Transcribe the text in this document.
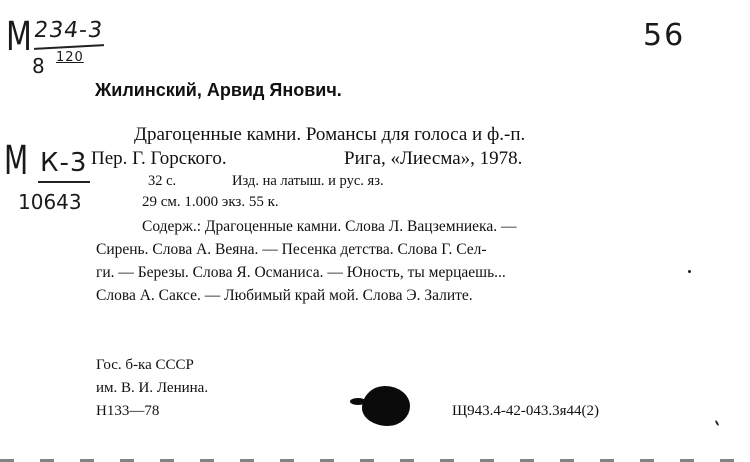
М 234-3
8 120
56
М К-3
10643
Жилинский, Арвид Янович.
Драгоценные камни. Романсы для голоса и ф.-п.
Пер. Г. Горского.	Рига, «Лиесма», 1978.
32 с.	Изд. на латыш. и рус. яз.
29 см. 1.000 экз. 55 к.
Содерж.: Драгоценные камни. Слова Л. Вацземниека. —
Сирень. Слова А. Веяна. — Песенка детства. Слова Г. Сел-
ги. — Березы. Слова Я. Османиса. — Юность, ты мерцаешь...
Слова А. Саксе. — Любимый край мой. Слова Э. Залите.
Гос. б-ка СССР
им. В. И. Ленина.
Н133—78	Щ943.4-42-043.3я44(2)
